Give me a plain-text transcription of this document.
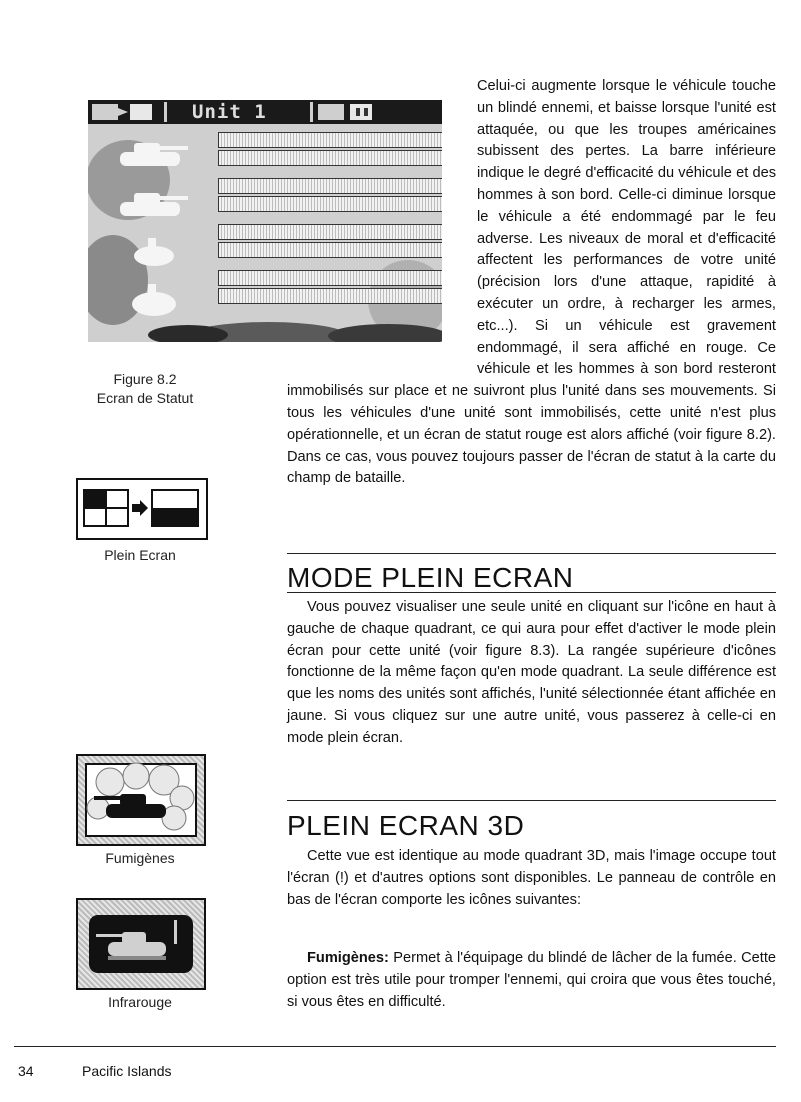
Unit 1
Figure 8.2
Ecran de Statut

Celui-ci augmente lorsque le véhicule touche un blindé ennemi, et baisse lorsque l'unité est attaquée, ou que les troupes américaines subissent des pertes. La barre inférieure indique le degré d'efficacité du véhicule et des hommes à son bord. Celle-ci diminue lorsque le véhicule a été endommagé par le feu adverse. Les niveaux de moral et d'efficacité affectent les performances de votre unité (précision lors d'une attaque, rapidité à exécuter un ordre, à recharger les armes, etc...). Si un véhicule est gravement endommagé, il sera affiché en rouge. Ce véhicule et les hommes à son bord resteront immobilisés sur place et ne suivront plus l'unité dans ses mouvements. Si tous les véhicules d'une unité sont immobilisés, cette unité n'est plus opérationnelle, et un écran de statut rouge est alors affiché (voir figure 8.2). Dans ce cas, vous pouvez toujours passer de l'écran de statut à la carte du champ de bataille.

Plein Ecran
MODE PLEIN ECRAN
Vous pouvez visualiser une seule unité en cliquant sur l'icône en haut à gauche de chaque quadrant, ce qui aura pour effet d'activer le mode plein écran pour cette unité (voir figure 8.3). La rangée supérieure d'icônes fonctionne de la même façon qu'en mode quadrant. La seule différence est que les noms des unités sont affichés, l'unité sélectionnée étant affichée en jaune. Si vous cliquez sur une autre unité, vous passerez à celle-ci en mode plein écran.
Fumigènes
PLEIN ECRAN 3D
Cette vue est identique au mode quadrant 3D, mais l'image occupe tout l'écran (!) et d'autres options sont disponibles. Le panneau de contrôle en bas de l'écran comporte les icônes suivantes:
Fumigènes: Permet à l'équipage du blindé de lâcher de la fumée. Cette option est très utile pour tromper l'ennemi, qui croira que vous êtes touché, si vous êtes en difficulté.
Infrarouge
34	Pacific Islands
